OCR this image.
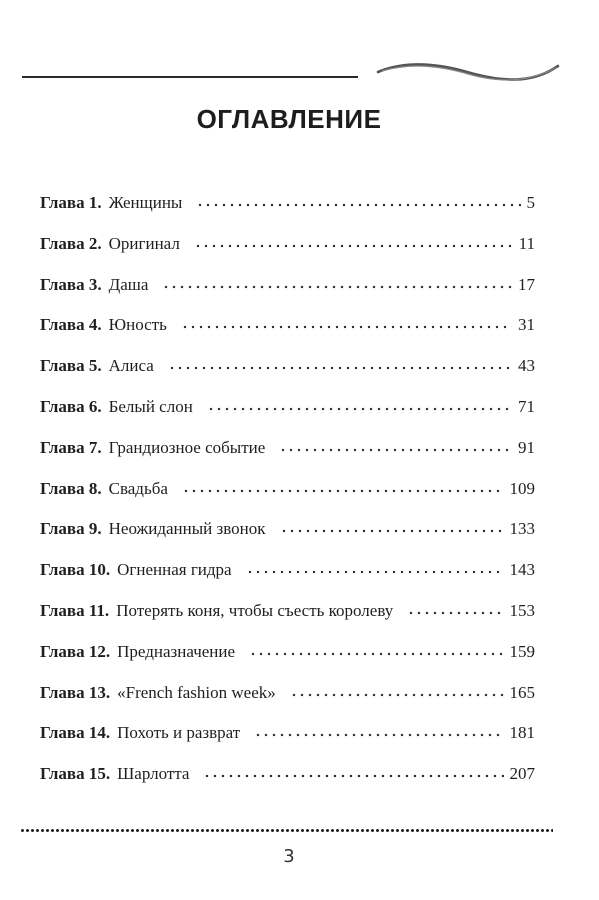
ОГЛАВЛЕНИЕ
Глава 1. Женщины	5
Глава 2. Оригинал	11
Глава 3. Даша	17
Глава 4. Юность	31
Глава 5. Алиса	43
Глава 6. Белый слон	71
Глава 7. Грандиозное событие	91
Глава 8. Свадьба	109
Глава 9. Неожиданный звонок	133
Глава 10. Огненная гидра	143
Глава 11. Потерять коня, чтобы съесть королеву	153
Глава 12. Предназначение	159
Глава 13. «French fashion week»	165
Глава 14. Похоть и разврат	181
Глава 15. Шарлотта	207
3
